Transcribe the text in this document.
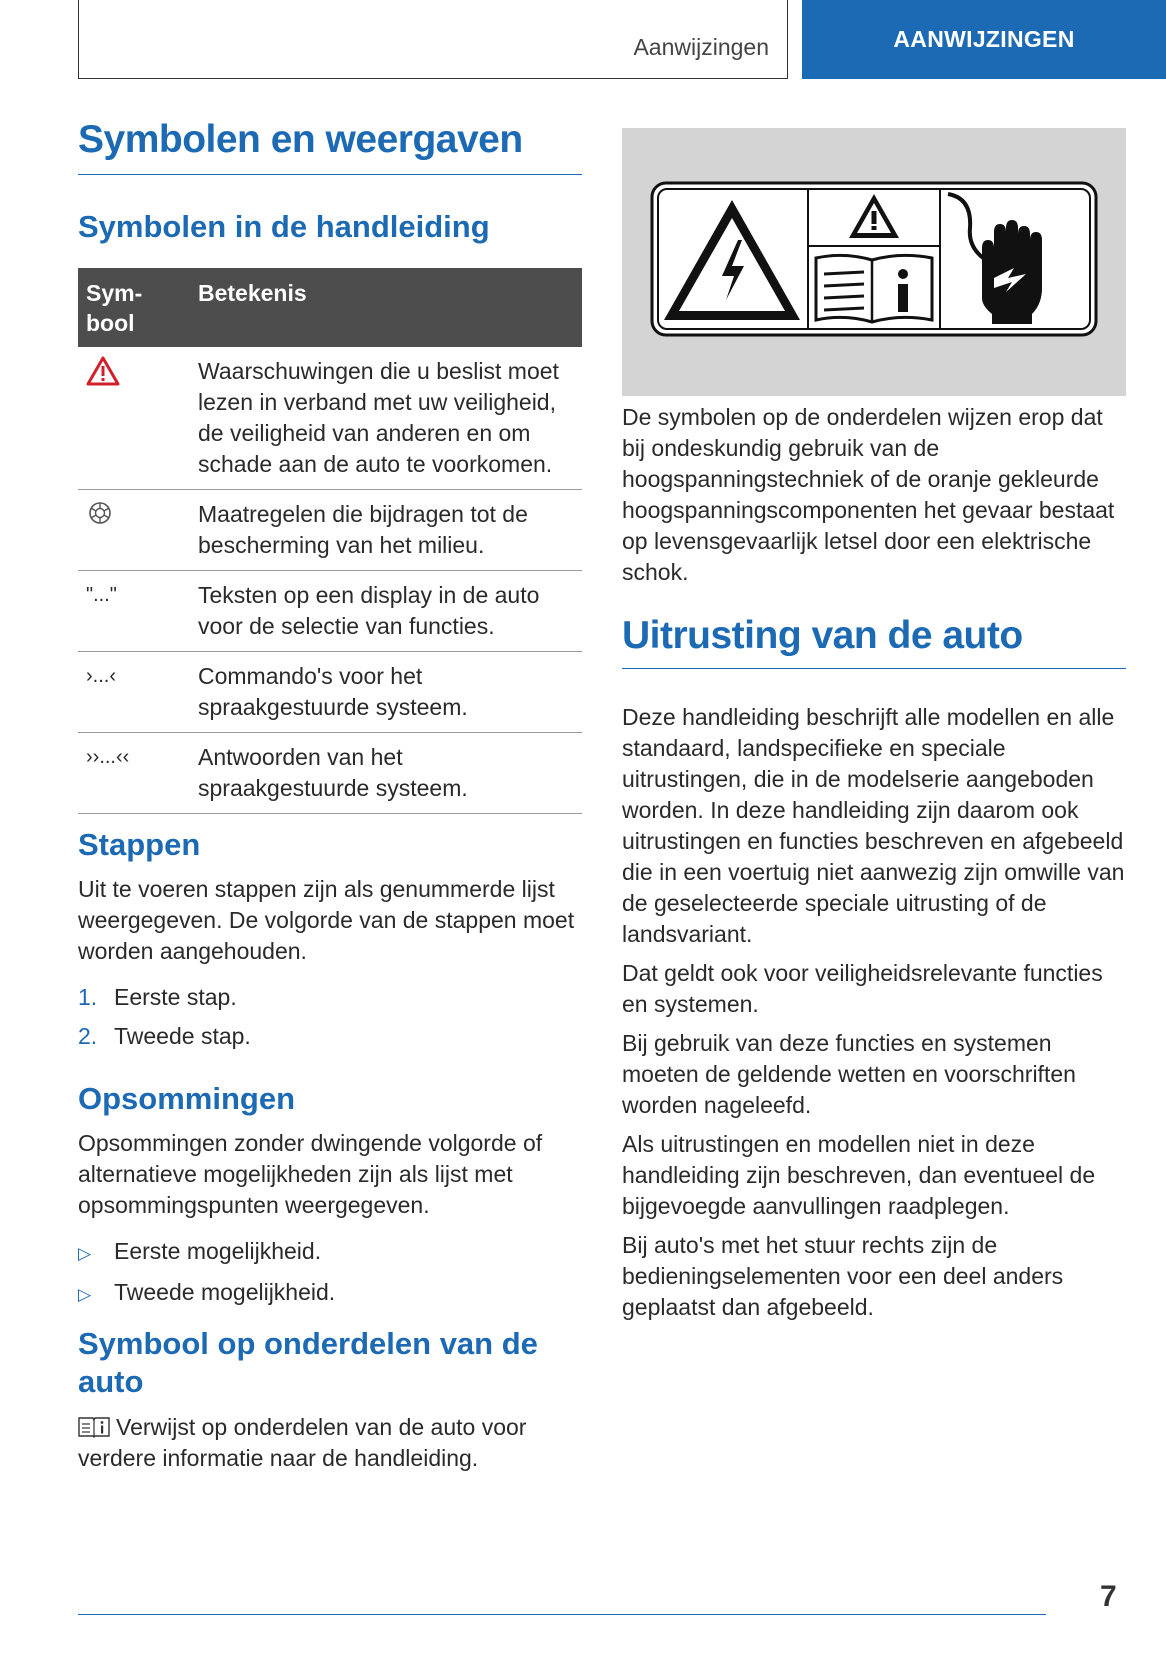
Aanwijzingen	AANWIJZINGEN
Symbolen en weergaven
Symbolen in de handleiding
Sym-
bool	Betekenis
	Waarschuwingen die u beslist moet lezen in verband met uw veiligheid, de veiligheid van anderen en om schade aan de auto te voorkomen.
	Maatregelen die bijdragen tot de bescherming van het milieu.
"..."	Teksten op een display in de auto voor de selectie van functies.
›...‹	Commando's voor het spraakgestuurde systeem.
››...‹‹	Antwoorden van het spraakgestuurde systeem.
Stappen

Uit te voeren stappen zijn als genummerde lijst weergegeven. De volgorde van de stappen moet worden aangehouden.

1. Eerste stap.
2. Tweede stap.
Opsommingen

Opsommingen zonder dwingende volgorde of alternatieve mogelijkheden zijn als lijst met opsommingspunten weergegeven.

▷ Eerste mogelijkheid.
▷ Tweede mogelijkheid.
Symbool op onderdelen van de auto

Verwijst op onderdelen van de auto voor verdere informatie naar de handleiding.

De symbolen op de onderdelen wijzen erop dat bij ondeskundig gebruik van de hoogspanningstechniek of de oranje gekleurde hoogspanningscomponenten het gevaar bestaat op levensgevaarlijk letsel door een elektrische schok.

Uitrusting van de auto

Deze handleiding beschrijft alle modellen en alle standaard, landspecifieke en speciale uitrustingen, die in de modelserie aangeboden worden. In deze handleiding zijn daarom ook uitrustingen en functies beschreven en afgebeeld die in een voertuig niet aanwezig zijn omwille van de geselecteerde speciale uitrusting of de landsvariant.

Dat geldt ook voor veiligheidsrelevante functies en systemen.

Bij gebruik van deze functies en systemen moeten de geldende wetten en voorschriften worden nageleefd.

Als uitrustingen en modellen niet in deze handleiding zijn beschreven, dan eventueel de bijgevoegde aanvullingen raadplegen.

Bij auto's met het stuur rechts zijn de bedieningselementen voor een deel anders geplaatst dan afgebeeld.

7
